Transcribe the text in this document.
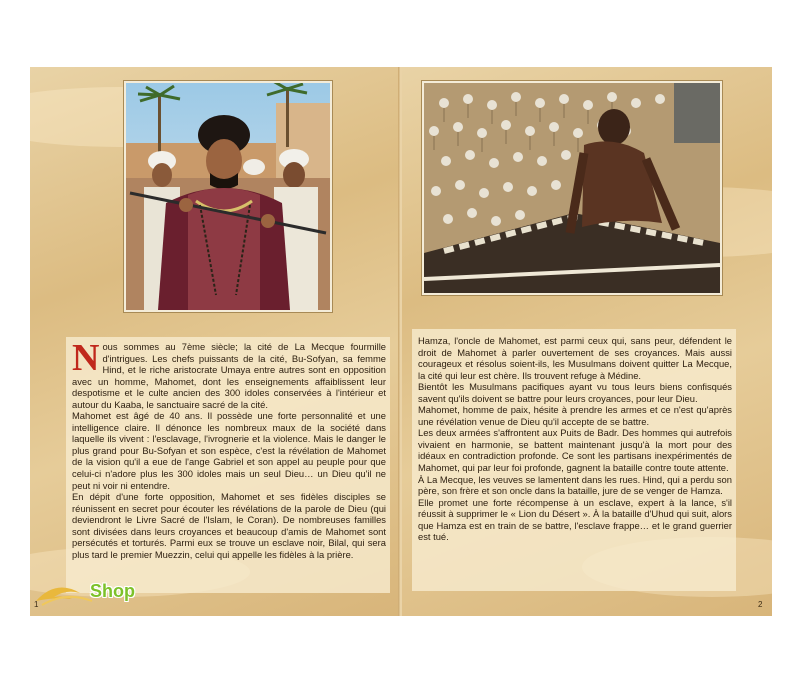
Nous sommes au 7ème siècle; la cité de La Mecque fourmille d'intrigues. Les chefs puissants de la cité, Bu-Sofyan, sa femme Hind, et le riche aristocrate Umaya entre autres sont en opposition avec un homme, Mahomet, dont les enseignements affaiblissent leur despotisme et le culte ancien des 300 idoles conservées à l'intérieur et autour du Kaaba, le sanctuaire sacré de la cité.

Mahomet est âgé de 40 ans. Il possède une forte personnalité et une intelligence claire. Il dénonce les nombreux maux de la société dans laquelle ils vivent : l'esclavage, l'ivrognerie et la violence. Mais le danger le plus grand pour Bu-Sofyan et son espèce, c'est la révélation de Mahomet de la vision qu'il a eue de l'ange Gabriel et son appel au peuple pour que celui-ci n'adore plus les 300 idoles mais un seul Dieu… un Dieu qu'il ne peut ni voir ni entendre.

En dépit d'une forte opposition, Mahomet et ses fidèles disciples se réunissent en secret pour écouter les révélations de la parole de Dieu (qui deviendront le Livre Sacré de l'Islam, le Coran). De nombreuses familles sont divisées dans leurs croyances et beaucoup d'amis de Mahomet sont persécutés et torturés. Parmi eux se trouve un esclave noir, Bilal, qui sera plus tard le premier Muezzin, celui qui appelle les fidèles à la prière.

Shop
1

Hamza, l'oncle de Mahomet, est parmi ceux qui, sans peur, défendent le droit de Mahomet à parler ouvertement de ses croyances. Mais aussi courageux et résolus soient-ils, les Musulmans doivent quitter La Mecque, la cité qui leur est chère. Ils trouvent refuge à Médine.

Bientôt les Musulmans pacifiques ayant vu tous leurs biens confisqués savent qu'ils doivent se battre pour leurs croyances, pour leur Dieu.

Mahomet, homme de paix, hésite à prendre les armes et ce n'est qu'après une révélation venue de Dieu qu'il accepte de se battre.

Les deux armées s'affrontent aux Puits de Badr. Des hommes qui autrefois vivaient en harmonie, se battent maintenant jusqu'à la mort pour des idéaux en contradiction profonde. Ce sont les partisans inexpérimentés de Mahomet, qui par leur foi profonde, gagnent la bataille contre toute attente.

À La Mecque, les veuves se lamentent dans les rues. Hind, qui a perdu son père, son frère et son oncle dans la bataille, jure de se venger de Hamza.

Elle promet une forte récompense à un esclave, expert à la lance, s'il réussit à supprimer le « Lion du Désert ». À la bataille d'Uhud qui suit, alors que Hamza est en train de se battre, l'esclave frappe… et le grand guerrier est tué.

2
